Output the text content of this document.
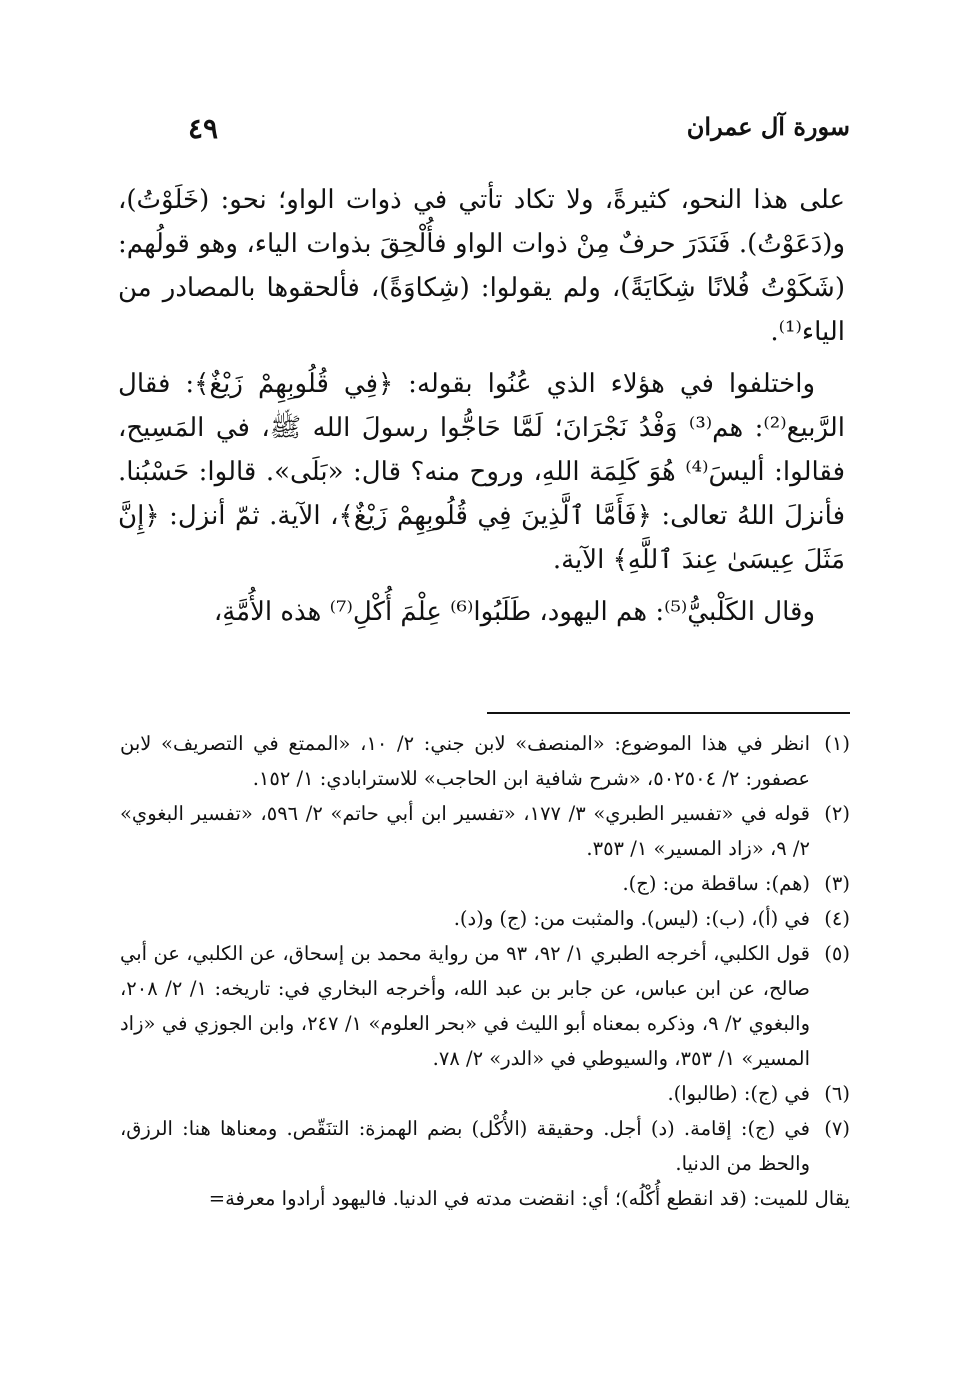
سورة آل عمران
٤٩

على هذا النحو، كثيرةً، ولا تكاد تأتي في ذوات الواو؛ نحو: (خَلَوْتُ)، و(دَعَوْتُ). فَنَدَرَ حرفٌ مِنْ ذوات الواو فأُلْحِقَ بذوات الياء، وهو قولُهم: (شَكَوْتُ فُلانًا شِكَايَةً)، ولم يقولوا: (شِكاوَةً)، فألحقوها بالمصادر من الياء⁽¹⁾.

واختلفوا في هؤلاء الذي عُنُوا بقوله: ﴿فِي قُلُوبِهِمْ زَيْغٌ﴾: فقال الرَّبيع⁽²⁾: هم⁽³⁾ وَفْدُ نَجْرَانَ؛ لَمَّا حَاجُّوا رسولَ الله ﷺ، في المَسِيح، فقالوا: أليسَ⁽⁴⁾ هُوَ كَلِمَة اللهِ، وروح منه؟ قال: «بَلَى». قالوا: حَسْبُنا. فأنزلَ اللهُ تعالى: ﴿فَأَمَّا ٱلَّذِينَ فِي قُلُوبِهِمْ زَيْغٌ﴾، الآية. ثمّ أنزل: ﴿إِنَّ مَثَلَ عِيسَىٰ عِندَ ٱللَّهِ﴾ الآية.

وقال الكَلْبيُّ⁽⁵⁾: هم اليهود، طَلَبُوا⁽⁶⁾ عِلْمَ أُكْلِ⁽⁷⁾ هذه الأُمَّةِ،

(١)
انظر في هذا الموضوع: «المنصف» لابن جني: ٢/ ١٠، «الممتع في التصريف» لابن عصفور: ٢/ ٥٠٢٥٠٤، «شرح شافية ابن الحاجب» للاسترابادي: ١/ ١٥٢.
(٢)
قوله في «تفسير الطبري» ٣/ ١٧٧، «تفسير ابن أبي حاتم» ٢/ ٥٩٦، «تفسير البغوي» ٢/ ٩، «زاد المسير» ١/ ٣٥٣.
(٣)
(هم): ساقطة من: (ج).
(٤)
في (أ)، (ب): (ليس). والمثبت من: (ج) و(د).
(٥)
قول الكلبي، أخرجه الطبري ١/ ٩٢، ٩٣ من رواية محمد بن إسحاق، عن الكلبي، عن أبي صالح، عن ابن عباس، عن جابر بن عبد الله، وأخرجه البخاري في: تاريخه: ١/ ٢/ ٢٠٨، والبغوي ٢/ ٩، وذكره بمعناه أبو الليث في «بحر العلوم» ١/ ٢٤٧، وابن الجوزي في «زاد المسير» ١/ ٣٥٣، والسيوطي في «الدر» ٢/ ٧٨.
(٦)
في (ج): (طالبوا).
(٧)
في (ج): إقامة. (د) أجل. وحقيقة (الأُكْل) بضم الهمزة: التنَقّص. ومعناها هنا: الرزق، والحظ من الدنيا.

يقال للميت: (قد انقطع أُكْلُه)؛ أي: انقضت مدته في الدنيا. فاليهود أرادوا معرفة=
